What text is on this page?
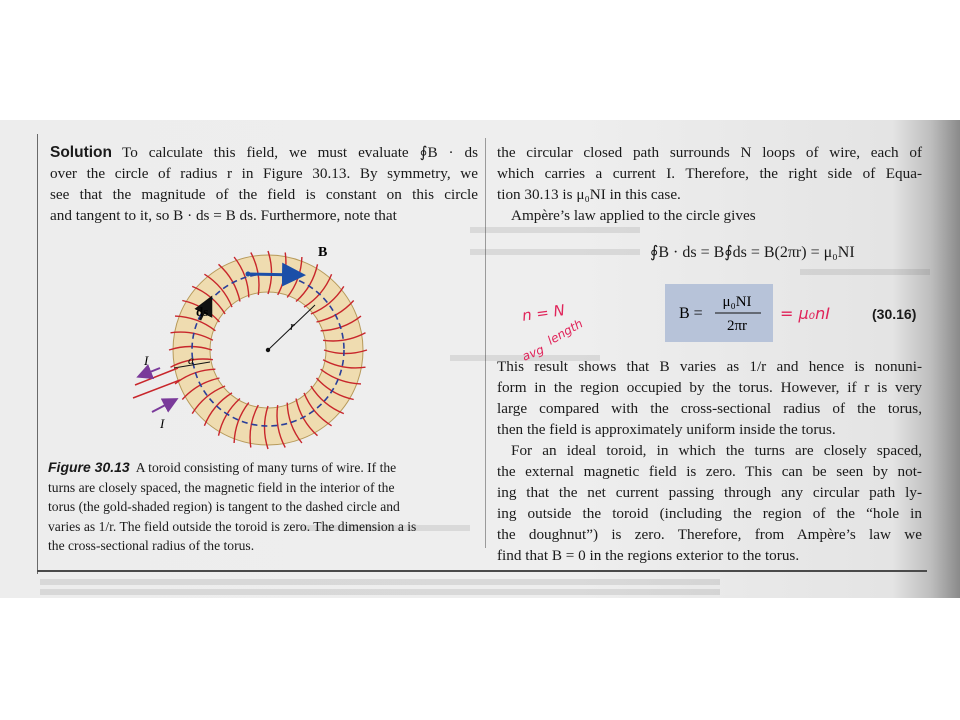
Solution To calculate this field, we must evaluate ∮B · ds
over the circle of radius r in Figure 30.13. By symmetry, we
see that the magnitude of the field is constant on this circle
and tangent to it, so B · ds = B ds. Furthermore, note that
B
ds
r
a
I
I
Figure 30.13 A toroid consisting of many turns of wire. If the
turns are closely spaced, the magnetic field in the interior of the
torus (the gold-shaded region) is tangent to the dashed circle and
varies as 1/r. The field outside the toroid is zero. The dimension a is
the cross-sectional radius of the torus.
the circular closed path surrounds N loops of wire, each of
which carries a current I. Therefore, the right side of Equa-
tion 30.13 is μ₀NI in this case.
Ampère’s law applied to the circle gives
∮B · ds = B∮ds = B(2πr) = μ₀NI
B =
μ₀NI
2πr
(30.16)
This result shows that B varies as 1/r and hence is nonuni-
form in the region occupied by the torus. However, if r is very
large compared with the cross-sectional radius of the torus,
then the field is approximately uniform inside the torus.
For an ideal toroid, in which the turns are closely spaced,
the external magnetic field is zero. This can be seen by not-
ing that the net current passing through any circular path ly-
ing outside the toroid (including the region of the “hole in
the doughnut”) is zero. Therefore, from Ampère’s law we
find that B = 0 in the regions exterior to the torus.
n = N
length
avg
= μ₀nI
